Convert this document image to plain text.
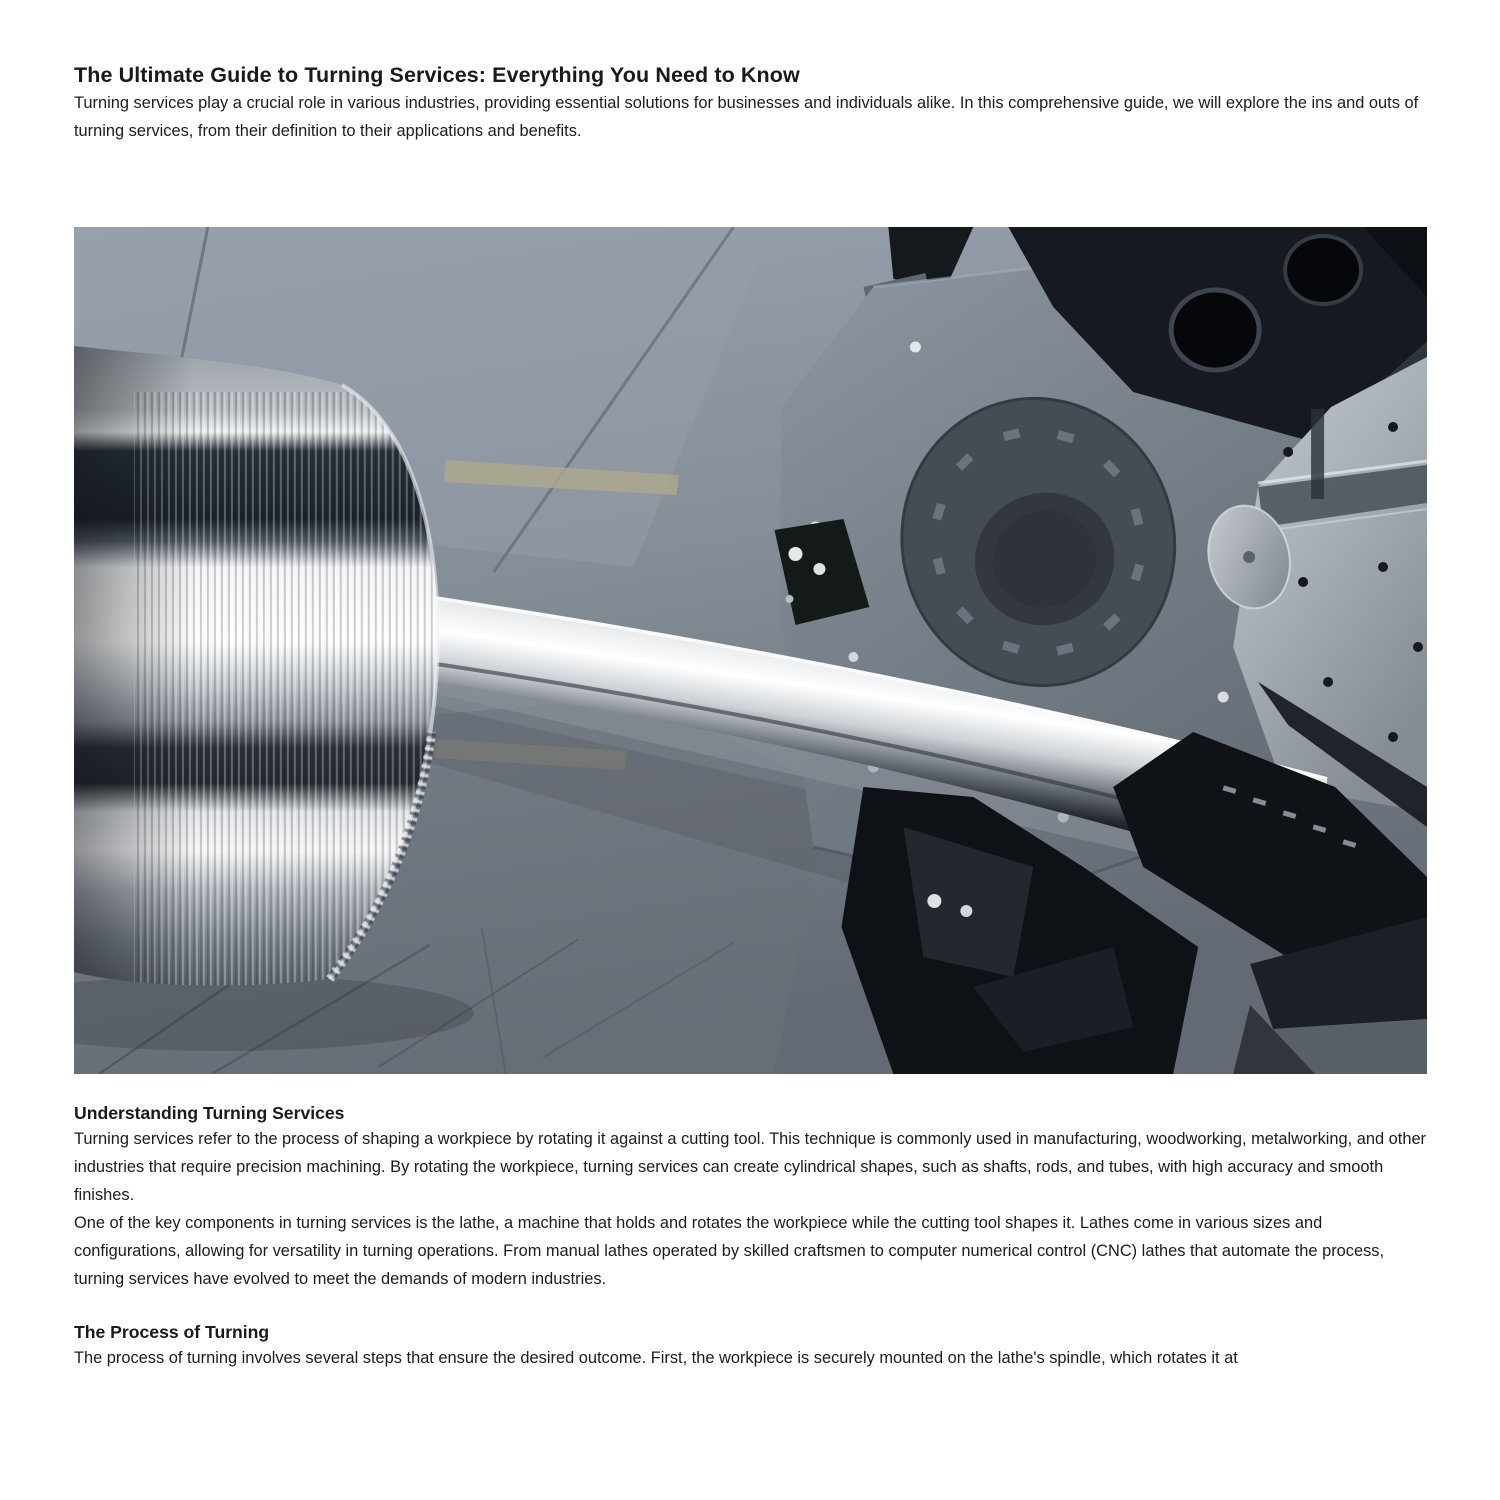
The Ultimate Guide to Turning Services: Everything You Need to Know

Turning services play a crucial role in various industries, providing essential solutions for businesses and individuals alike. In this comprehensive guide, we will explore the ins and outs of turning services, from their definition to their applications and benefits.

Understanding Turning Services

Turning services refer to the process of shaping a workpiece by rotating it against a cutting tool. This technique is commonly used in manufacturing, woodworking, metalworking, and other industries that require precision machining. By rotating the workpiece, turning services can create cylindrical shapes, such as shafts, rods, and tubes, with high accuracy and smooth finishes.

One of the key components in turning services is the lathe, a machine that holds and rotates the workpiece while the cutting tool shapes it. Lathes come in various sizes and configurations, allowing for versatility in turning operations. From manual lathes operated by skilled craftsmen to computer numerical control (CNC) lathes that automate the process, turning services have evolved to meet the demands of modern industries.

The Process of Turning

The process of turning involves several steps that ensure the desired outcome. First, the workpiece is securely mounted on the lathe's spindle, which rotates it at
